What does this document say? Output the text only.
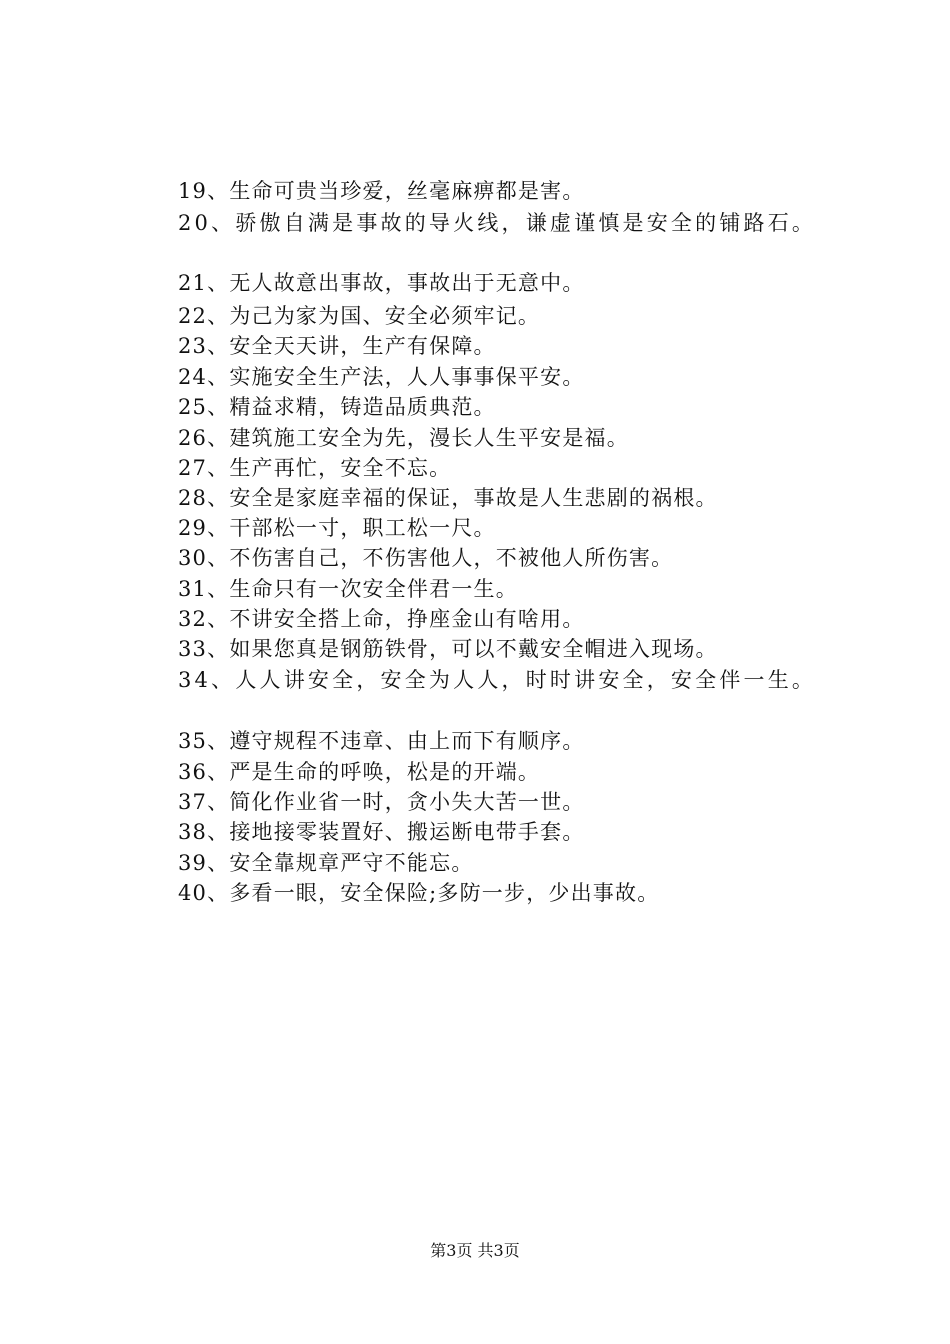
19、生命可贵当珍爱，丝毫麻痹都是害。
20、骄傲自满是事故的导火线，谦虚谨慎是安全的铺路石。
21、无人故意出事故，事故出于无意中。
22、为己为家为国、安全必须牢记。
23、安全天天讲，生产有保障。
24、实施安全生产法，人人事事保平安。
25、精益求精，铸造品质典范。
26、建筑施工安全为先，漫长人生平安是福。
27、生产再忙，安全不忘。
28、安全是家庭幸福的保证，事故是人生悲剧的祸根。
29、干部松一寸，职工松一尺。
30、不伤害自己，不伤害他人，不被他人所伤害。
31、生命只有一次安全伴君一生。
32、不讲安全搭上命，挣座金山有啥用。
33、如果您真是钢筋铁骨，可以不戴安全帽进入现场。
34、人人讲安全，安全为人人，时时讲安全，安全伴一生。
35、遵守规程不违章、由上而下有顺序。
36、严是生命的呼唤，松是的开端。
37、简化作业省一时，贪小失大苦一世。
38、接地接零装置好、搬运断电带手套。
39、安全靠规章严守不能忘。
40、多看一眼，安全保险;多防一步，少出事故。
第3页 共3页
